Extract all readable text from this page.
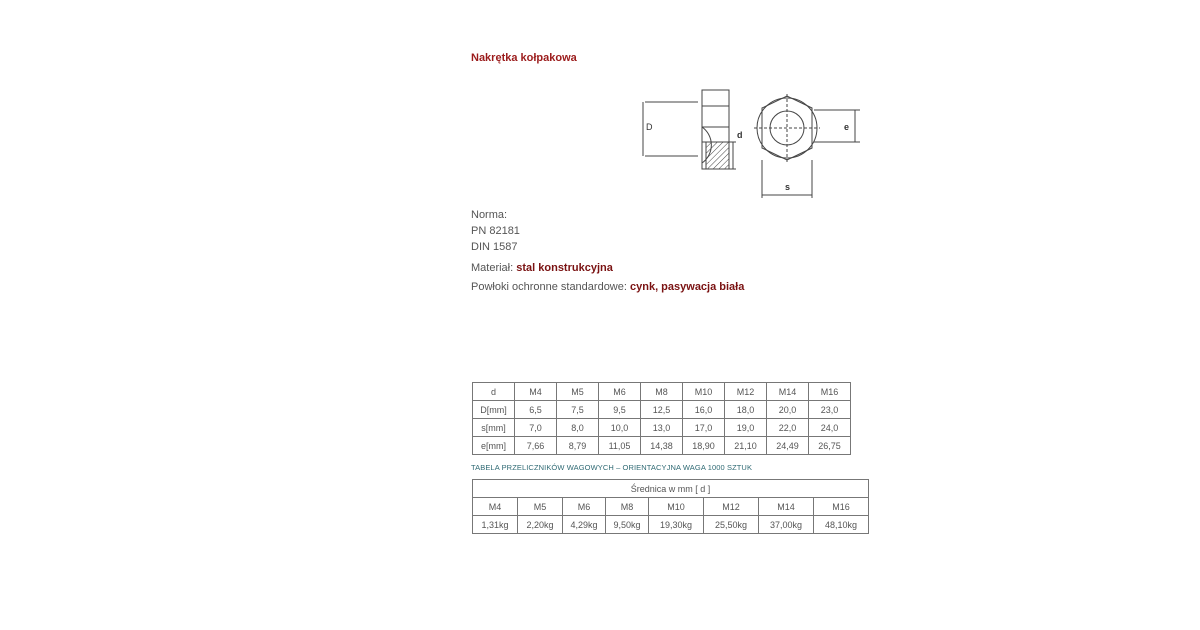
Nakrętka kołpakowa
D
d
e
s
Norma:
PN 82181
DIN 1587
Materiał: stal konstrukcyjna
Powłoki ochronne standardowe: cynk, pasywacja biała
d	M4	M5	M6	M8	M10	M12	M14	M16
D[mm]	6,5	7,5	9,5	12,5	16,0	18,0	20,0	23,0
s[mm]	7,0	8,0	10,0	13,0	17,0	19,0	22,0	24,0
e[mm]	7,66	8,79	11,05	14,38	18,90	21,10	24,49	26,75
TABELA PRZELICZNIKÓW WAGOWYCH – ORIENTACYJNA WAGA 1000 SZTUK
Średnica w mm [ d ]							
M4	M5	M6	M8	M10	M12	M14	M16
1,31kg	2,20kg	4,29kg	9,50kg	19,30kg	25,50kg	37,00kg	48,10kg
